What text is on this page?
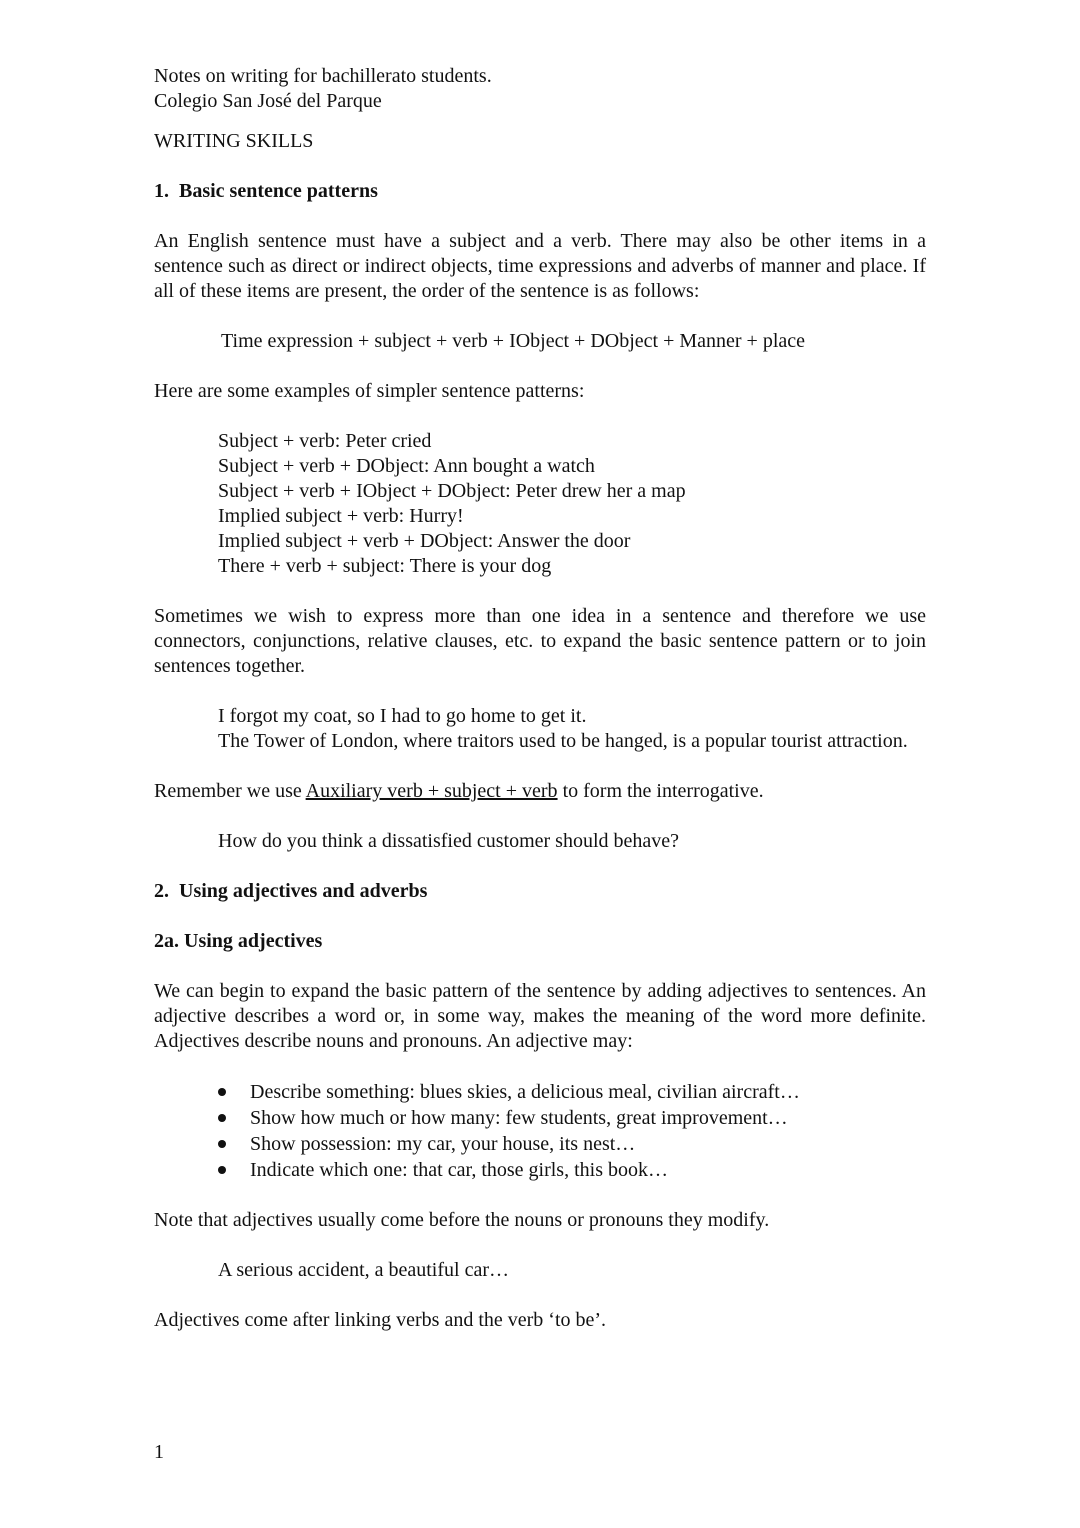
Notes on writing for bachillerato students.

Colegio San José del Parque

WRITING SKILLS

1.  Basic sentence patterns

An English sentence must have a subject and a verb. There may also be other items in a sentence such as direct or indirect objects, time expressions and adverbs of manner and place. If all of these items are present, the order of the sentence is as follows:

Time expression + subject + verb + IObject + DObject + Manner + place

Here are some examples of simpler sentence patterns:

Subject + verb: Peter cried

Subject + verb + DObject: Ann bought a watch

Subject + verb + IObject + DObject: Peter drew her a map

Implied subject + verb: Hurry!

Implied subject + verb + DObject: Answer the door

There + verb + subject: There is your dog

Sometimes we wish to express more than one idea in a sentence and therefore we use connectors, conjunctions, relative clauses, etc. to expand the basic sentence pattern or to join sentences together.

I forgot my coat, so I had to go home to get it.

The Tower of London, where traitors used to be hanged, is a popular tourist attraction.

Remember we use Auxiliary verb + subject + verb to form the interrogative.

How do you think a dissatisfied customer should behave?

2.  Using adjectives and adverbs

2a. Using adjectives

We can begin to expand the basic pattern of the sentence by adding adjectives to sentences. An adjective describes a word or, in some way, makes the meaning of the word more definite. Adjectives describe nouns and pronouns. An adjective may:

Describe something: blues skies, a delicious meal, civilian aircraft…
Show how much or how many: few students, great improvement…
Show possession: my car, your house, its nest…
Indicate which one: that car, those girls, this book…

Note that adjectives usually come before the nouns or pronouns they modify.

A serious accident, a beautiful car…

Adjectives come after linking verbs and the verb ‘to be’.

1
